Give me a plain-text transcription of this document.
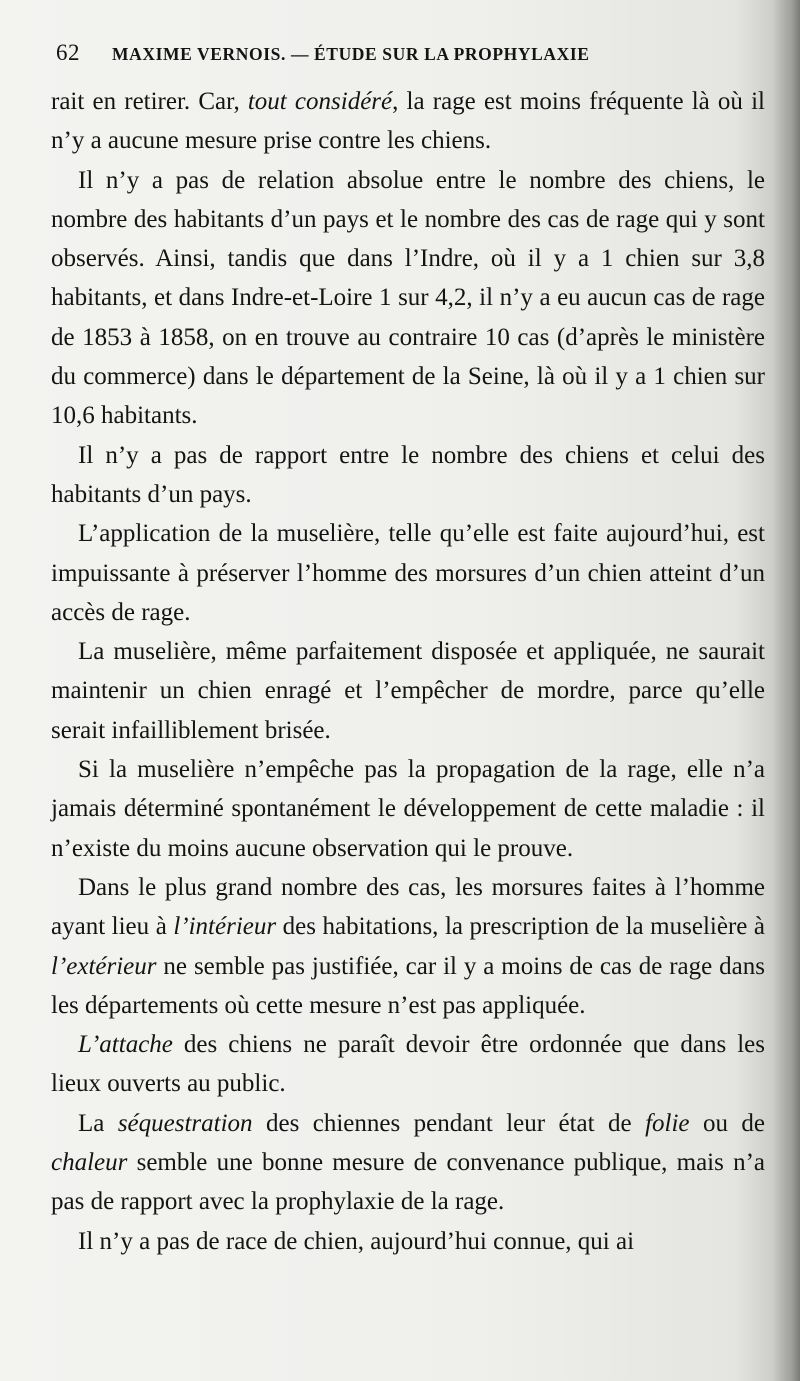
62 MAXIME VERNOIS. — ÉTUDE SUR LA PROPHYLAXIE

rait en retirer. Car, tout considéré, la rage est moins fréquente là où il n’y a aucune mesure prise contre les chiens.

Il n’y a pas de relation absolue entre le nombre des chiens, le nombre des habitants d’un pays et le nombre des cas de rage qui y sont observés. Ainsi, tandis que dans l’Indre, où il y a 1 chien sur 3,8 habitants, et dans Indre-et-Loire 1 sur 4,2, il n’y a eu aucun cas de rage de 1853 à 1858, on en trouve au contraire 10 cas (d’après le ministère du commerce) dans le département de la Seine, là où il y a 1 chien sur 10,6 habitants.

Il n’y a pas de rapport entre le nombre des chiens et celui des habitants d’un pays.

L’application de la muselière, telle qu’elle est faite aujourd’hui, est impuissante à préserver l’homme des morsures d’un chien atteint d’un accès de rage.

La muselière, même parfaitement disposée et appliquée, ne saurait maintenir un chien enragé et l’empêcher de mordre, parce qu’elle serait infailliblement brisée.

Si la muselière n’empêche pas la propagation de la rage, elle n’a jamais déterminé spontanément le développement de cette maladie : il n’existe du moins aucune observation qui le prouve.

Dans le plus grand nombre des cas, les morsures faites à l’homme ayant lieu à l’intérieur des habitations, la prescription de la muselière à l’extérieur ne semble pas justifiée, car il y a moins de cas de rage dans les départements où cette mesure n’est pas appliquée.

L’attache des chiens ne paraît devoir être ordonnée que dans les lieux ouverts au public.

La séquestration des chiennes pendant leur état de folie ou de chaleur semble une bonne mesure de convenance publique, mais n’a pas de rapport avec la prophylaxie de la rage.

Il n’y a pas de race de chien, aujourd’hui connue, qui ai
